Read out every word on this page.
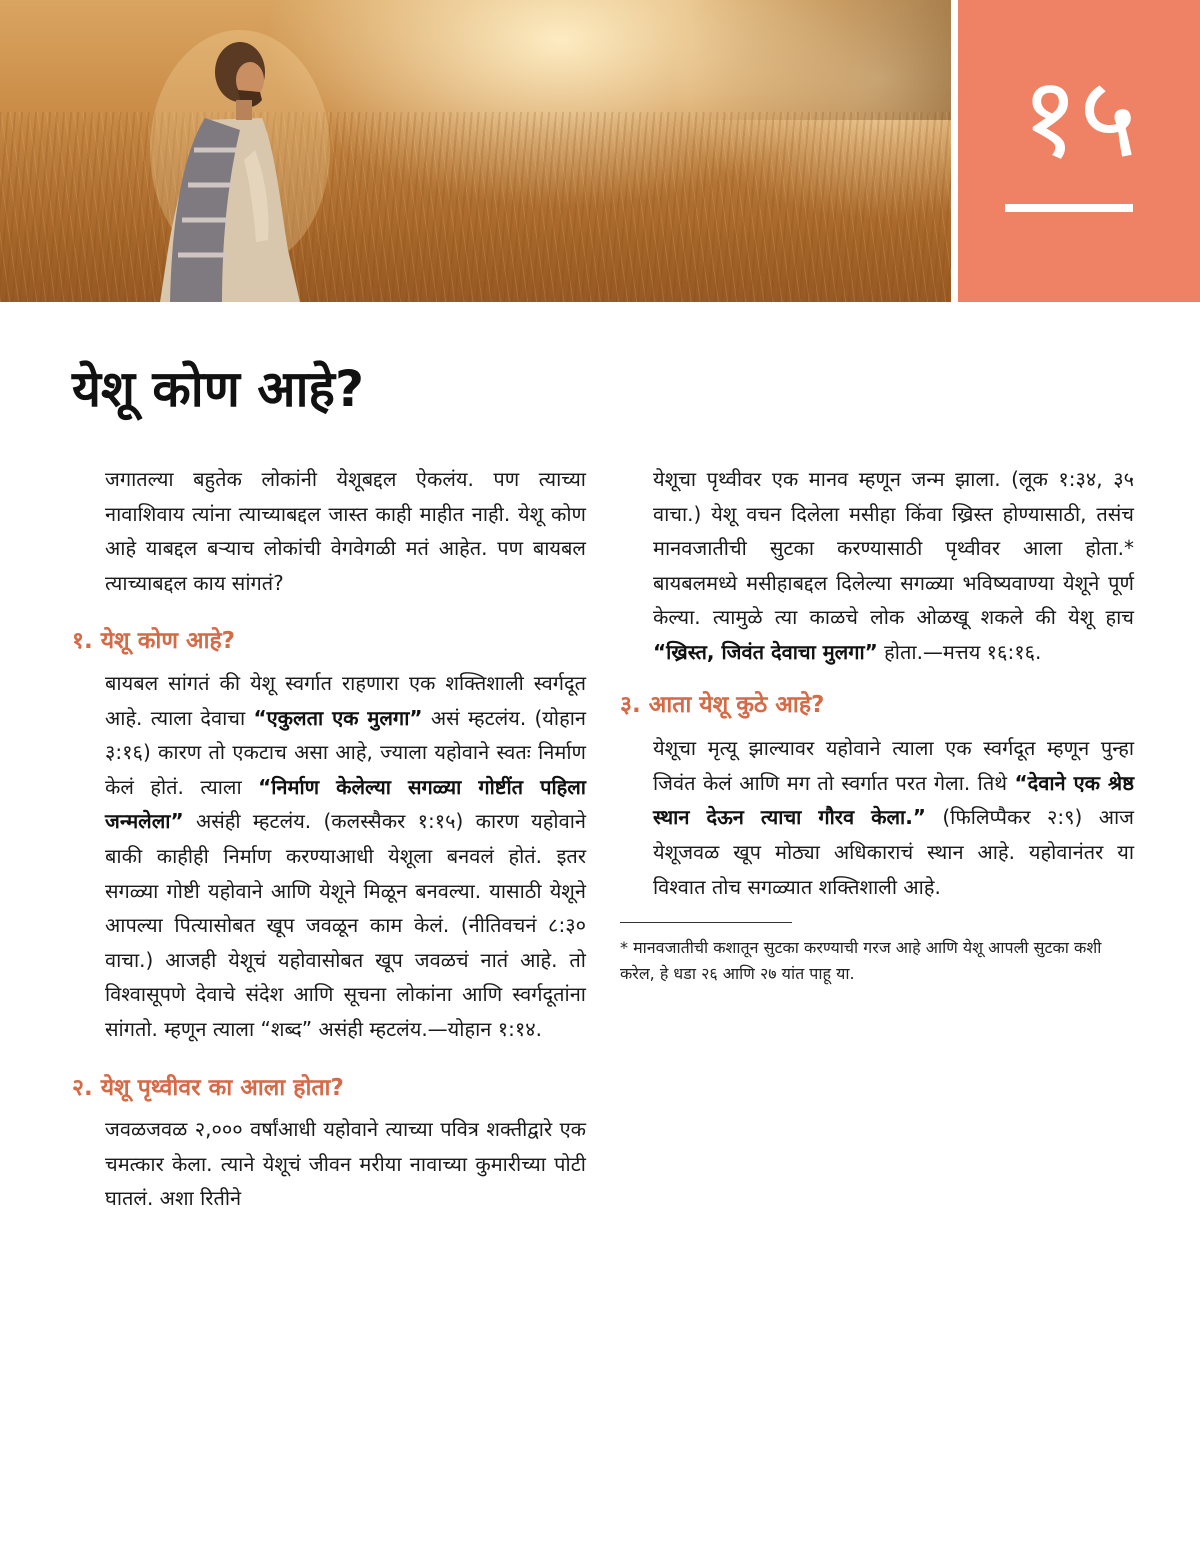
१५
येशू कोण आहे?

जगातल्या बहुतेक लोकांनी येशूबद्दल ऐकलंय. पण त्याच्या नावाशिवाय त्यांना त्याच्याबद्दल जास्त काही माहीत नाही. येशू कोण आहे याबद्दल बऱ्याच लोकांची वेगवेगळी मतं आहेत. पण बायबल त्याच्याबद्दल काय सांगतं?

१. येशू कोण आहे?

बायबल सांगतं की येशू स्वर्गात राहणारा एक शक्तिशाली स्वर्गदूत आहे. त्याला देवाचा “एकुलता एक मुलगा” असं म्हटलंय. (योहान ३:१६) कारण तो एकटाच असा आहे, ज्याला यहोवाने स्वतः निर्माण केलं होतं. त्याला “निर्माण केलेल्या सगळ्या गोष्टींत पहिला जन्मलेला” असंही म्हटलंय. (कलस्सैकर १:१५) कारण यहोवाने बाकी काहीही निर्माण करण्याआधी येशूला बनवलं होतं. इतर सगळ्या गोष्टी यहोवाने आणि येशूने मिळून बनवल्या. यासाठी येशूने आपल्या पित्यासोबत खूप जवळून काम केलं. (नीतिवचनं ८:३० वाचा.) आजही येशूचं यहोवासोबत खूप जवळचं नातं आहे. तो विश्वासूपणे देवाचे संदेश आणि सूचना लोकांना आणि स्वर्गदूतांना सांगतो. म्हणून त्याला “शब्द” असंही म्हटलंय.—योहान १:१४.

२. येशू पृथ्वीवर का आला होता?

जवळजवळ २,००० वर्षांआधी यहोवाने त्याच्या पवित्र शक्तीद्वारे एक चमत्कार केला. त्याने येशूचं जीवन मरीया नावाच्या कुमारीच्या पोटी घातलं. अशा रितीने

येशूचा पृथ्वीवर एक मानव म्हणून जन्म झाला. (लूक १:३४, ३५ वाचा.) येशू वचन दिलेला मसीहा किंवा ख्रिस्त होण्यासाठी, तसंच मानवजातीची सुटका करण्यासाठी पृथ्वीवर आला होता.* बायबलमध्ये मसीहाबद्दल दिलेल्या सगळ्या भविष्यवाण्या येशूने पूर्ण केल्या. त्यामुळे त्या काळचे लोक ओळखू शकले की येशू हाच “ख्रिस्त, जिवंत देवाचा मुलगा” होता.—मत्तय १६:१६.

३. आता येशू कुठे आहे?

येशूचा मृत्यू झाल्यावर यहोवाने त्याला एक स्वर्गदूत म्हणून पुन्हा जिवंत केलं आणि मग तो स्वर्गात परत गेला. तिथे “देवाने एक श्रेष्ठ स्थान देऊन त्याचा गौरव केला.” (फिलिप्पैकर २:९) आज येशूजवळ खूप मोठ्या अधिकाराचं स्थान आहे. यहोवानंतर या विश्वात तोच सगळ्यात शक्तिशाली आहे.

* मानवजातीची कशातून सुटका करण्याची गरज आहे आणि येशू आपली सुटका कशी करेल, हे धडा २६ आणि २७ यांत पाहू या.
